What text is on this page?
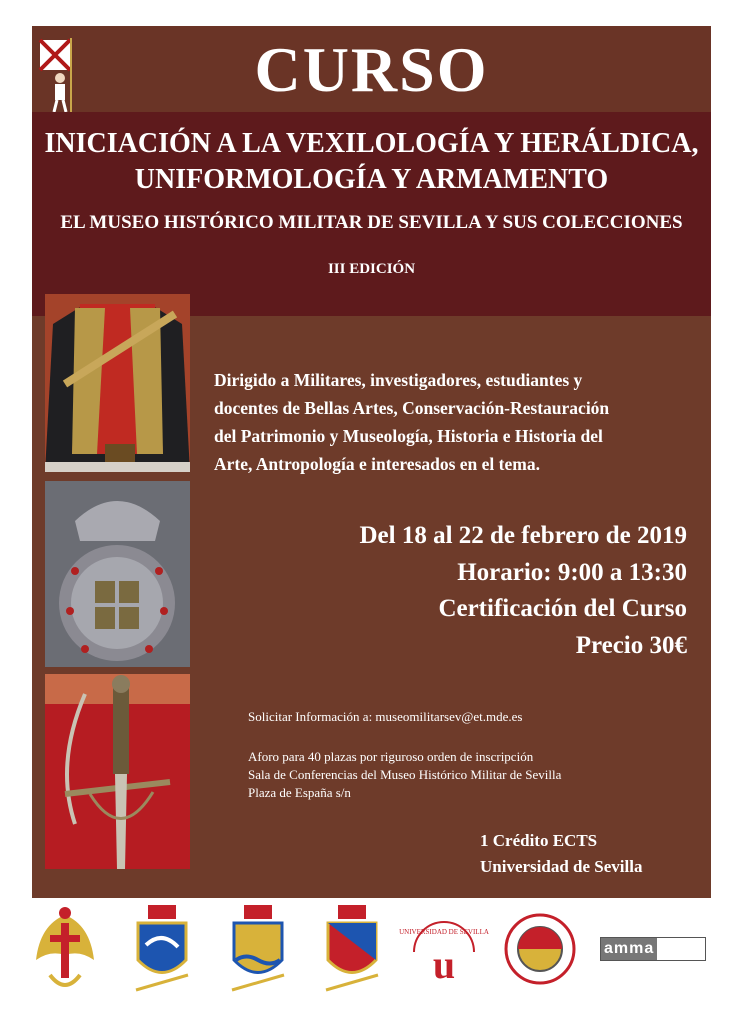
CURSO
INICIACIÓN A LA VEXILOLOGÍA Y HERÁLDICA,
UNIFORMOLOGÍA Y ARMAMENTO
EL MUSEO HISTÓRICO MILITAR DE SEVILLA Y SUS COLECCIONES
III EDICIÓN
Dirigido a Militares, investigadores, estudiantes y
docentes de Bellas Artes, Conservación-Restauración
del Patrimonio y Museología, Historia e Historia del
Arte, Antropología e interesados en el tema.
Del 18 al 22 de febrero de 2019
Horario: 9:00 a 13:30
Certificación del Curso
Precio 30€
Solicitar Información a: museomilitarsev@et.mde.es
Aforo para 40 plazas por riguroso orden de inscripción
Sala de Conferencias del Museo Histórico Militar de Sevilla
Plaza de España s/n
1 Crédito ECTS
Universidad de Sevilla
UNIVERSIDAD DE SEVILLA
u	amma
